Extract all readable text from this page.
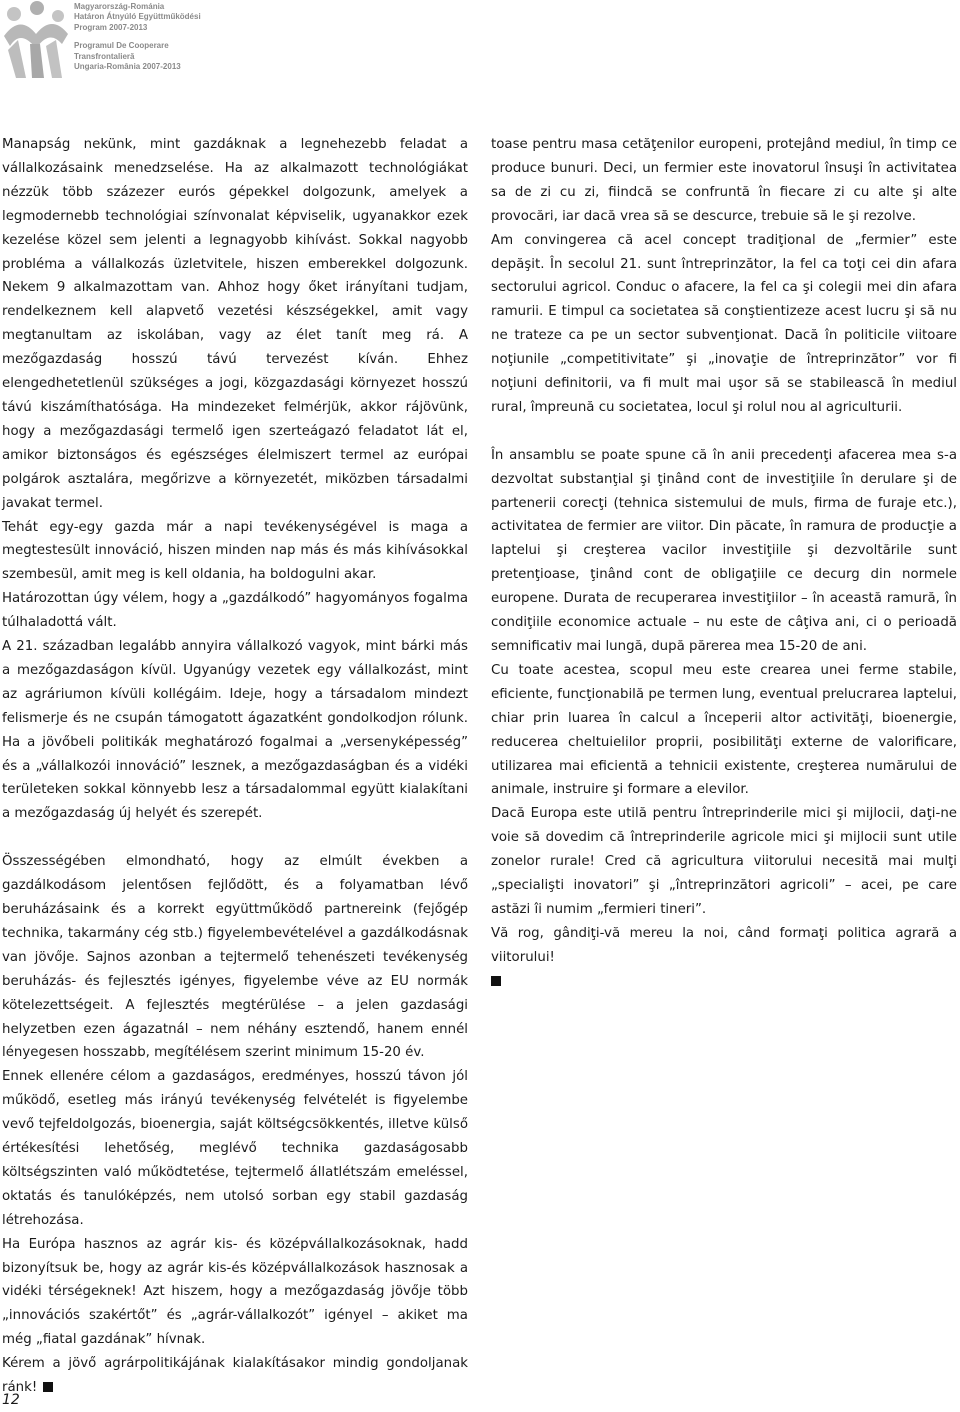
Magyarország-Románia
Határon Átnyúló Együttműködési
Program 2007-2013
Programul De Cooperare
Transfrontalieră
Ungaria-România 2007-2013

Manapság nekünk, mint gazdáknak a legnehezebb feladat a vállalkozásaink menedzselése. Ha az alkalmazott technológiákat nézzük több százezer eurós gépekkel dolgozunk, amelyek a legmodernebb technológiai színvonalat képviselik, ugyanakkor ezek kezelése közel sem jelenti a legnagyobb kihívást. Sokkal nagyobb probléma a vállalkozás üzletvitele, hiszen emberekkel dolgozunk. Nekem 9 alkalmazottam van. Ahhoz hogy őket irányítani tudjam, rendelkeznem kell alapvető vezetési készségekkel, amit vagy megtanultam az iskolában, vagy az élet tanít meg rá. A mezőgazdaság hosszú távú tervezést kíván. Ehhez elengedhetetlenül szükséges a jogi, közgazdasági környezet hosszú távú kiszámíthatósága. Ha mindezeket felmérjük, akkor rájövünk, hogy a mezőgazdasági termelő igen szerteágazó feladatot lát el, amikor biztonságos és egészséges élelmiszert termel az európai polgárok asztalára, megőrizve a környezetét, miközben társadalmi javakat termel.

Tehát egy-egy gazda már a napi tevékenységével is maga a megtestesült innováció, hiszen minden nap más és más kihívásokkal szembesül, amit meg is kell oldania, ha boldogulni akar.

Határozottan úgy vélem, hogy a „gazdálkodó” hagyományos fogalma túlhaladottá vált.

A 21. században legalább annyira vállalkozó vagyok, mint bárki más a mezőgazdaságon kívül. Ugyanúgy vezetek egy vállalkozást, mint az agráriumon kívüli kollégáim. Ideje, hogy a társadalom mindezt felismerje és ne csupán támogatott ágazatként gondolkodjon rólunk. Ha a jövőbeli politikák meghatározó fogalmai a „versenyképesség” és a „vállalkozói innováció” lesznek, a mezőgazdaságban és a vidéki területeken sokkal könnyebb lesz a társadalommal együtt kialakítani a mezőgazdaság új helyét és szerepét.

Összességében elmondható, hogy az elmúlt években a gazdálkodásom jelentősen fejlődött, és a folyamatban lévő beruházásaink és a korrekt együttműködő partnereink (fejőgép technika, takarmány cég stb.) figyelembevételével a gazdálkodásnak van jövője. Sajnos azonban a tejtermelő tehenészeti tevékenység beruházás- és fejlesztés igényes, figyelembe véve az EU normák kötelezettségeit. A fejlesztés megtérülése – a jelen gazdasági helyzetben ezen ágazatnál – nem néhány esztendő, hanem ennél lényegesen hosszabb, megítélésem szerint minimum 15-20 év.

Ennek ellenére célom a gazdaságos, eredményes, hosszú távon jól működő, esetleg más irányú tevékenység felvételét is figyelembe vevő tejfeldolgozás, bioenergia, saját költségcsökkentés, illetve külső értékesítési lehetőség, meglévő technika gazdaságosabb költségszinten való működtetése, tejtermelő állatlétszám emeléssel, oktatás és tanulóképzés, nem utolsó sorban egy stabil gazdaság létrehozása.

Ha Európa hasznos az agrár kis- és középvállalkozásoknak, hadd bizonyítsuk be, hogy az agrár kis-és középvállalkozások hasznosak a vidéki térségeknek! Azt hiszem, hogy a mezőgazdaság jövője több „innovációs szakértőt” és „agrár-vállalkozót” igényel – akiket ma még „fiatal gazdának” hívnak.

Kérem a jövő agrárpolitikájának kialakításakor mindig gondoljanak ránk!

toase pentru masa cetăţenilor europeni, protejând mediul, în timp ce produce bunuri. Deci, un fermier este inovatorul însuşi în activitatea sa de zi cu zi, fiindcă se confruntă în fiecare zi cu alte şi alte provocări, iar dacă vrea să se descurce, trebuie să le şi rezolve.

Am convingerea că acel concept tradiţional de „fermier” este depăşit. În secolul 21. sunt întreprinzător, la fel ca toţi cei din afara sectorului agricol. Conduc o afacere, la fel ca şi colegii mei din afara ramurii. E timpul ca societatea să conştientizeze acest lucru şi să nu ne trateze ca pe un sector subvenţionat. Dacă în politicile viitoare noţiunile „competitivitate” şi „inovaţie de întreprinzător” vor fi noţiuni definitorii, va fi mult mai uşor să se stabilească în mediul rural, împreună cu societatea, locul şi rolul nou al agriculturii.

În ansamblu se poate spune că în anii precedenţi afacerea mea s-a dezvoltat substanţial şi ţinând cont de investiţiile în derulare şi de partenerii corecţi (tehnica sistemului de muls, firma de furaje etc.), activitatea de fermier are viitor. Din păcate, în ramura de producţie a laptelui şi creşterea vacilor investiţiile şi dezvoltările sunt pretenţioase, ţinând cont de obligaţiile ce decurg din normele europene. Durata de recuperarea investiţiilor – în această ramură, în condiţiile economice actuale – nu este de câţiva ani, ci o perioadă semnificativ mai lungă, după părerea mea 15-20 de ani.

Cu toate acestea, scopul meu este crearea unei ferme stabile, eficiente, funcţionabilă pe termen lung, eventual prelucrarea laptelui, chiar prin luarea în calcul a începerii altor activităţi, bioenergie, reducerea cheltuielilor proprii, posibilităţi externe de valorificare, utilizarea mai eficientă a tehnicii existente, creşterea numărului de animale, instruire şi formare a elevilor.

Dacă Europa este utilă pentru întreprinderile mici şi mijlocii, daţi-ne voie să dovedim că întreprinderile agricole mici şi mijlocii sunt utile zonelor rurale! Cred că agricultura viitorului necesită mai mulţi „specialişti inovatori” şi „întreprinzători agricoli” – acei, pe care astăzi îi numim „fermieri tineri”.

Vă rog, gândiţi-vă mereu la noi, când formaţi politica agrară a viitorului!

12
